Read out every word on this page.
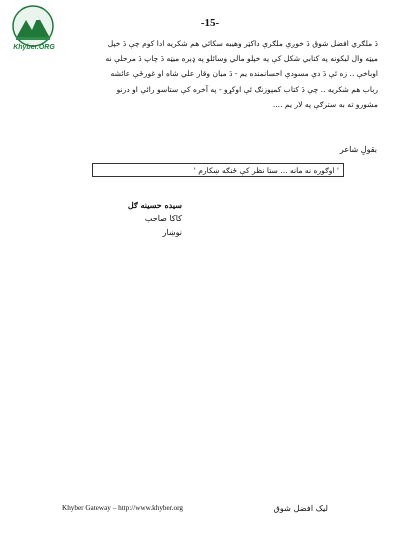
Khyber.ORG
-15-
دَ ملګري افضل شوق دَ خوږې ملګرې داکټر وهيبه سکائي هم شکريه ادا کوم چې دَ خپل
ميټه وال ليکونه په کتابي شکل کې په خپلو مالي وسائلو په ډېره ميټه دَ چاپ دَ مرحلې نه
اوباخې .. زه ئې دَ دې مسودې احسانمنده يم - دَ ميان وقار علي شاه او غورځې عائشه
رباب هم شکريه .. چې دَ کتاب کمپوزنګ ئې اوکړو - په آخره کې ستاسو رائې او درنو
مشورو ته به سترګې په لار يم ....
بقولِ شاعر
' اوګوره نه مانه ... ستا نظر کې ځنګه ښکارم '
سيده حسينه ګل
کاکا صاحب
نوښار
Khyber Gateway – http://www.khyber.org	ليک افضل شوق
